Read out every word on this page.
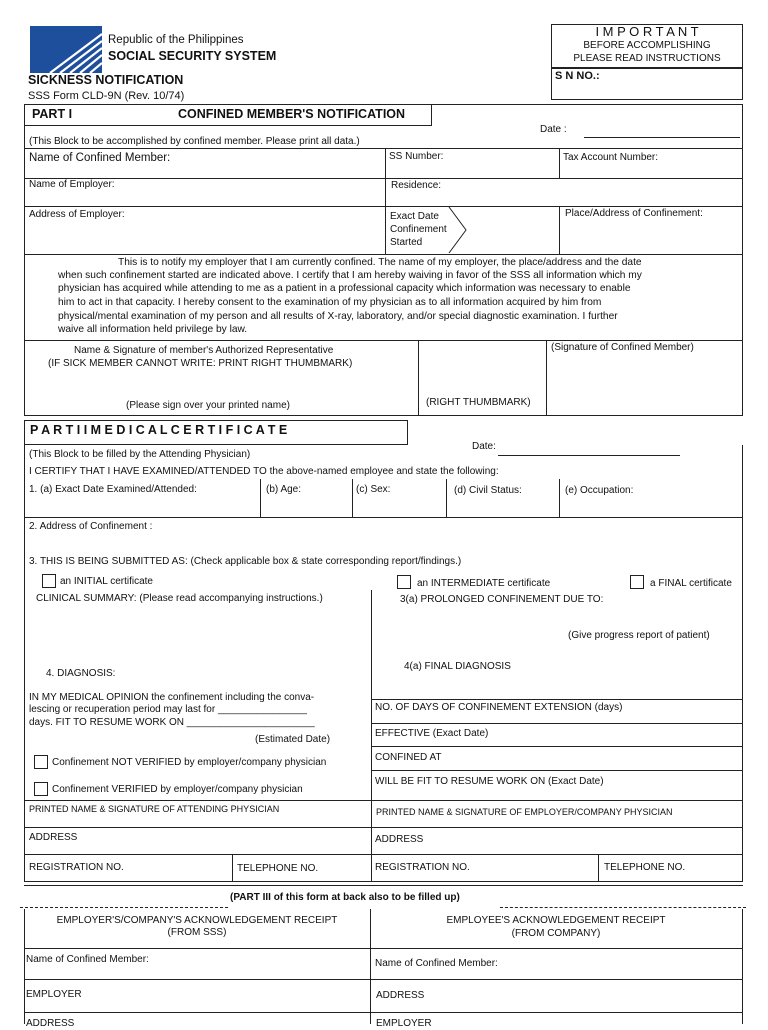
Republic of the Philippines
SOCIAL SECURITY SYSTEM
SICKNESS NOTIFICATION
SSS Form CLD-9N (Rev. 10/74)
I M P O R T A N T
BEFORE ACCOMPLISHING
PLEASE READ INSTRUCTIONS
S N NO.:
PART I	CONFINED MEMBER'S NOTIFICATION
Date :
(This Block to be accomplished by confined member. Please print all data.)
Name of Confined Member:	SS Number:	Tax Account Number:
Name of Employer:	Residence:
Address of Employer:	Exact Date
Confinement
Started
Place/Address of Confinement:
This is to notify my employer that I am currently confined. The name of my employer, the place/address and the date
when such confinement started are indicated above. I certify that I am hereby waiving in favor of the SSS all information which my
physician has acquired while attending to me as a patient in a professional capacity which information was necessary to enable
him to act in that capacity. I hereby consent to the examination of my physician as to all information acquired by him from
physical/mental examination of my person and all results of X-ray, laboratory, and/or special diagnostic examination. I further
waive all information held privilege by law.
Name & Signature of member's Authorized Representative
(IF SICK MEMBER CANNOT WRITE: PRINT RIGHT THUMBMARK)
(Please sign over your printed name)	(RIGHT THUMBMARK)
(Signature of Confined Member)
P A R T I I M E D I C A L C E R T I F I C A T E
Date:
(This Block to be filled by the Attending Physician)
I CERTIFY THAT I HAVE EXAMINED/ATTENDED TO the above-named employee and state the following:
1. (a) Exact Date Examined/Attended:	(b) Age:	(c) Sex:	(d) Civil Status:	(e) Occupation:
2. Address of Confinement :
3. THIS IS BEING SUBMITTED AS: (Check applicable box & state corresponding report/findings.)
an INITIAL certificate	an INTERMEDIATE certificate	a FINAL certificate
CLINICAL SUMMARY: (Please read accompanying instructions.)	3(a) PROLONGED CONFINEMENT DUE TO:
(Give progress report of patient)
4. DIAGNOSIS:
4(a) FINAL DIAGNOSIS
IN MY MEDICAL OPINION the confinement including the conva-
lescing or recuperation period may last for ________________
days. FIT TO RESUME WORK ON _______________________
(Estimated Date)
NO. OF DAYS OF CONFINEMENT EXTENSION (days)
EFFECTIVE (Exact Date)
CONFINED AT
WILL BE FIT TO RESUME WORK ON (Exact Date)
Confinement NOT VERIFIED by employer/company physician
Confinement VERIFIED by employer/company physician
PRINTED NAME & SIGNATURE OF ATTENDING PHYSICIAN	PRINTED NAME & SIGNATURE OF EMPLOYER/COMPANY PHYSICIAN
ADDRESS	ADDRESS
REGISTRATION NO.	TELEPHONE NO.	REGISTRATION NO.	TELEPHONE NO.
(PART III of this form at back also to be filled up)
EMPLOYER'S/COMPANY'S ACKNOWLEDGEMENT RECEIPT
(FROM SSS)
EMPLOYEE'S ACKNOWLEDGEMENT RECEIPT
(FROM COMPANY)
Name of Confined Member:	Name of Confined Member:
EMPLOYER	ADDRESS
ADDRESS	EMPLOYER
